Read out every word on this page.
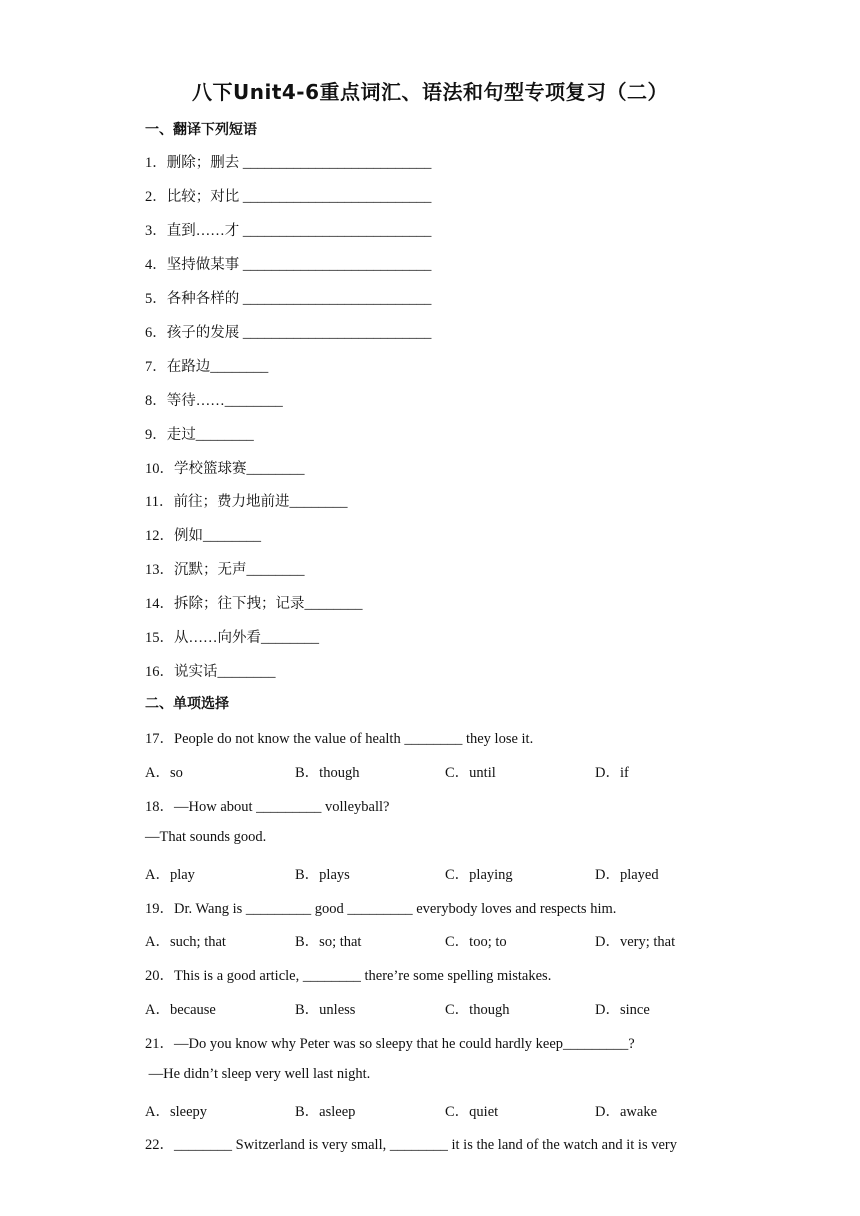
八下Unit4-6重点词汇、语法和句型专项复习（二）
一、翻译下列短语
1．删除；删去 __________________________
2．比较；对比 __________________________
3．直到……才 __________________________
4．坚持做某事 __________________________
5．各种各样的 __________________________
6．孩子的发展 __________________________
7．在路边________
8．等待……________
9．走过________
10．学校篮球赛________
11．前往；费力地前进________
12．例如________
13．沉默；无声________
14．拆除；往下拽；记录________
15．从……向外看________
16．说实话________
二、单项选择
17．People do not know the value of health ________ they lose it.
A．so	B．though	C．until	D．if
18．—How about _________ volleyball?
—That sounds good.
A．play	B．plays	C．playing	D．played
19．Dr. Wang is _________ good _________ everybody loves and respects him.
A．such; that	B．so; that	C．too; to	D．very; that
20．This is a good article, ________ there’re some spelling mistakes.
A．because	B．unless	C．though	D．since
21．—Do you know why Peter was so sleepy that he could hardly keep_________?
—He didn’t sleep very well last night.
A．sleepy	B．asleep	C．quiet	D．awake
22．________ Switzerland is very small, ________ it is the land of the watch and it is very
